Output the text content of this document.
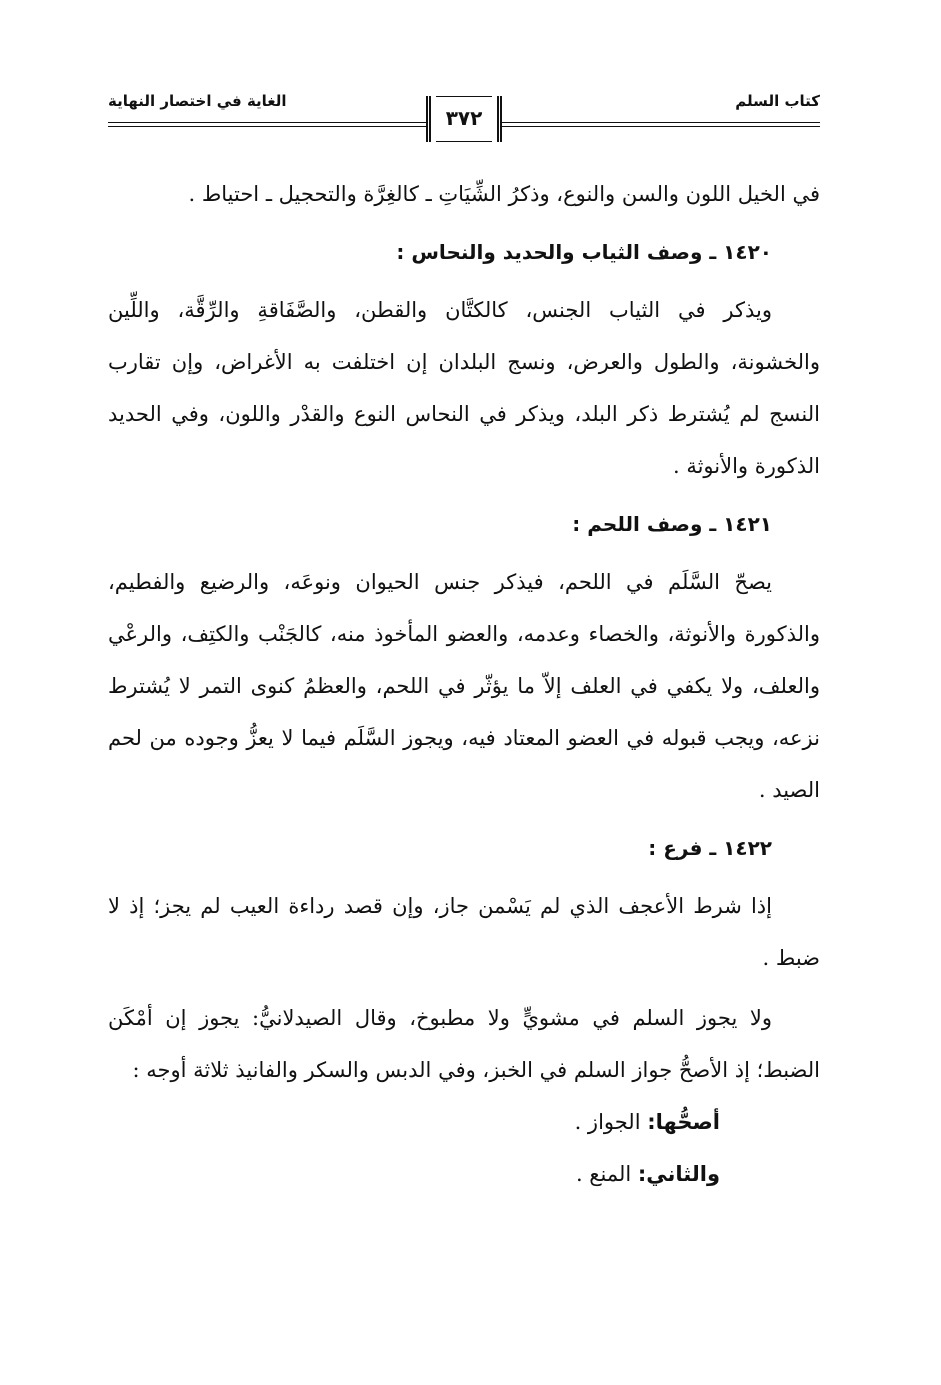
الغاية في اختصار النهاية	كتاب السلم
٣٧٢

في الخيل اللون والسن والنوع، وذكرُ الشِّيَاتِ ـ كالغِرَّة والتحجيل ـ احتياط .

١٤٢٠ ـ وصف الثياب والحديد والنحاس :

ويذكر في الثياب الجنس، كالكتَّان والقطن، والصَّفَاقةِ والرِّقَّة، واللِّين والخشونة، والطول والعرض، ونسج البلدان إن اختلفت به الأغراض، وإن تقارب النسج لم يُشترط ذكر البلد، ويذكر في النحاس النوع والقدْر واللون، وفي الحديد الذكورة والأنوثة .

١٤٢١ ـ وصف اللحم :

يصحّ السَّلَم في اللحم، فيذكر جنس الحيوان ونوعَه، والرضيع والفطيم، والذكورة والأنوثة، والخصاء وعدمه، والعضو المأخوذ منه، كالجَنْب والكتِف، والرعْي والعلف، ولا يكفي في العلف إلاّ ما يؤثّر في اللحم، والعظمُ كنوى التمر لا يُشترط نزعه، ويجب قبوله في العضو المعتاد فيه، ويجوز السَّلَم فيما لا يعزُّ وجوده من لحم الصيد .

١٤٢٢ ـ فرع :

إذا شرط الأعجف الذي لم يَسْمن جاز، وإن قصد رداءة العيب لم يجز؛ إذ لا ضبط .

ولا يجوز السلم في مشويٍّ ولا مطبوخ، وقال الصيدلانيُّ: يجوز إن أمْكَن الضبط؛ إذ الأصحُّ جواز السلم في الخبز، وفي الدبس والسكر والفانيذ ثلاثة أوجه :

أصحُّها: الجواز .
والثاني: المنع .
